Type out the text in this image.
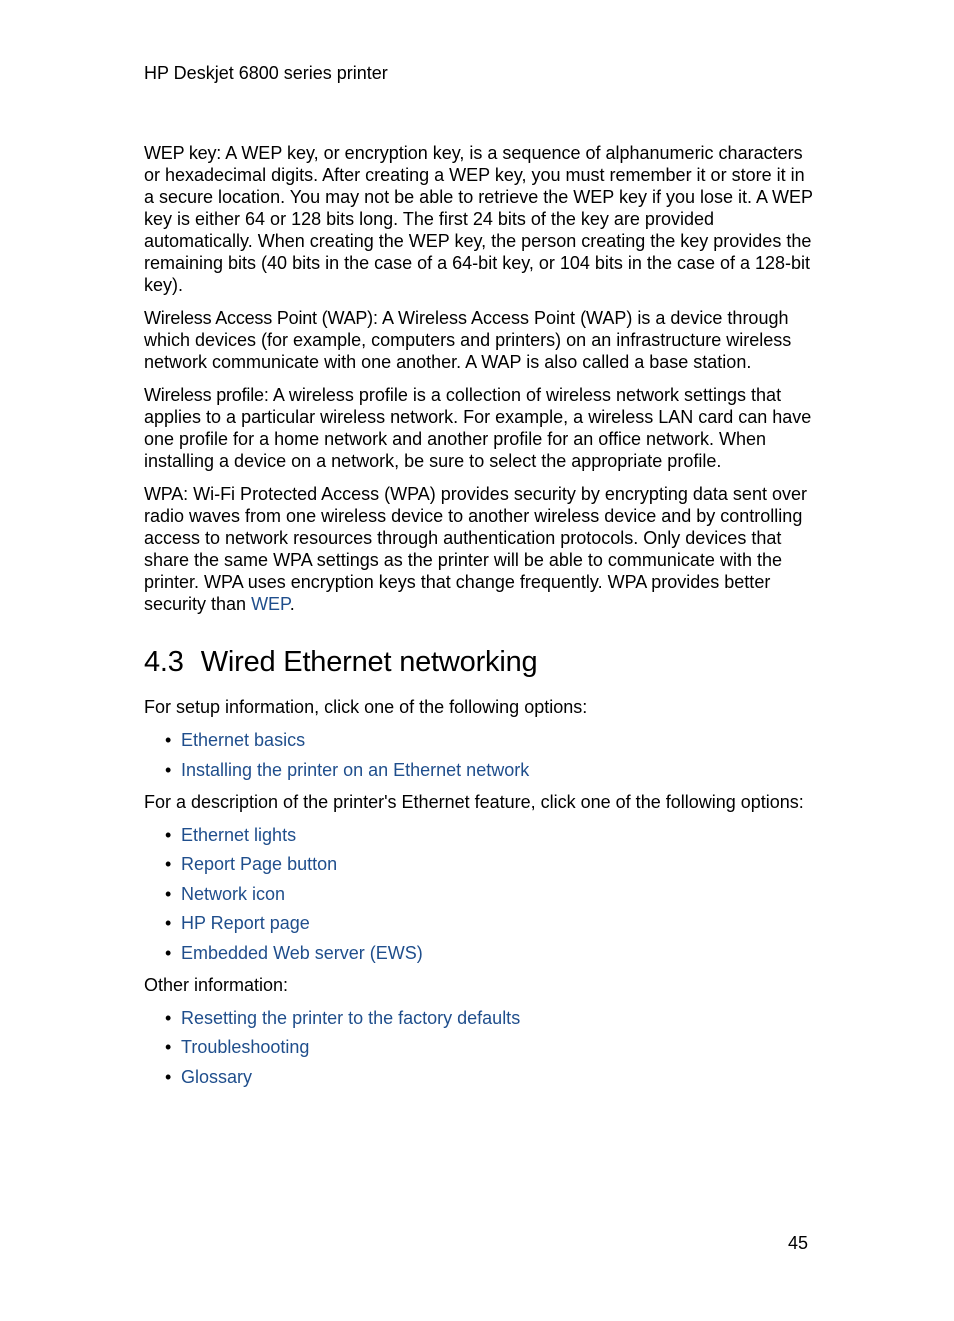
HP Deskjet 6800 series printer

WEP key: A WEP key, or encryption key, is a sequence of alphanumeric characters or hexadecimal digits. After creating a WEP key, you must remember it or store it in a secure location. You may not be able to retrieve the WEP key if you lose it. A WEP key is either 64 or 128 bits long. The first 24 bits of the key are provided automatically. When creating the WEP key, the person creating the key provides the remaining bits (40 bits in the case of a 64-bit key, or 104 bits in the case of a 128-bit key).

Wireless Access Point (WAP): A Wireless Access Point (WAP) is a device through which devices (for example, computers and printers) on an infrastructure wireless network communicate with one another. A WAP is also called a base station.

Wireless profile: A wireless profile is a collection of wireless network settings that applies to a particular wireless network. For example, a wireless LAN card can have one profile for a home network and another profile for an office network. When installing a device on a network, be sure to select the appropriate profile.

WPA: Wi-Fi Protected Access (WPA) provides security by encrypting data sent over radio waves from one wireless device to another wireless device and by controlling access to network resources through authentication protocols. Only devices that share the same WPA settings as the printer will be able to communicate with the printer. WPA uses encryption keys that change frequently. WPA provides better security than WEP.

4.3 Wired Ethernet networking

For setup information, click one of the following options:

• Ethernet basics
• Installing the printer on an Ethernet network

For a description of the printer's Ethernet feature, click one of the following options:

• Ethernet lights
• Report Page button
• Network icon
• HP Report page
• Embedded Web server (EWS)

Other information:

• Resetting the printer to the factory defaults
• Troubleshooting
• Glossary
45
